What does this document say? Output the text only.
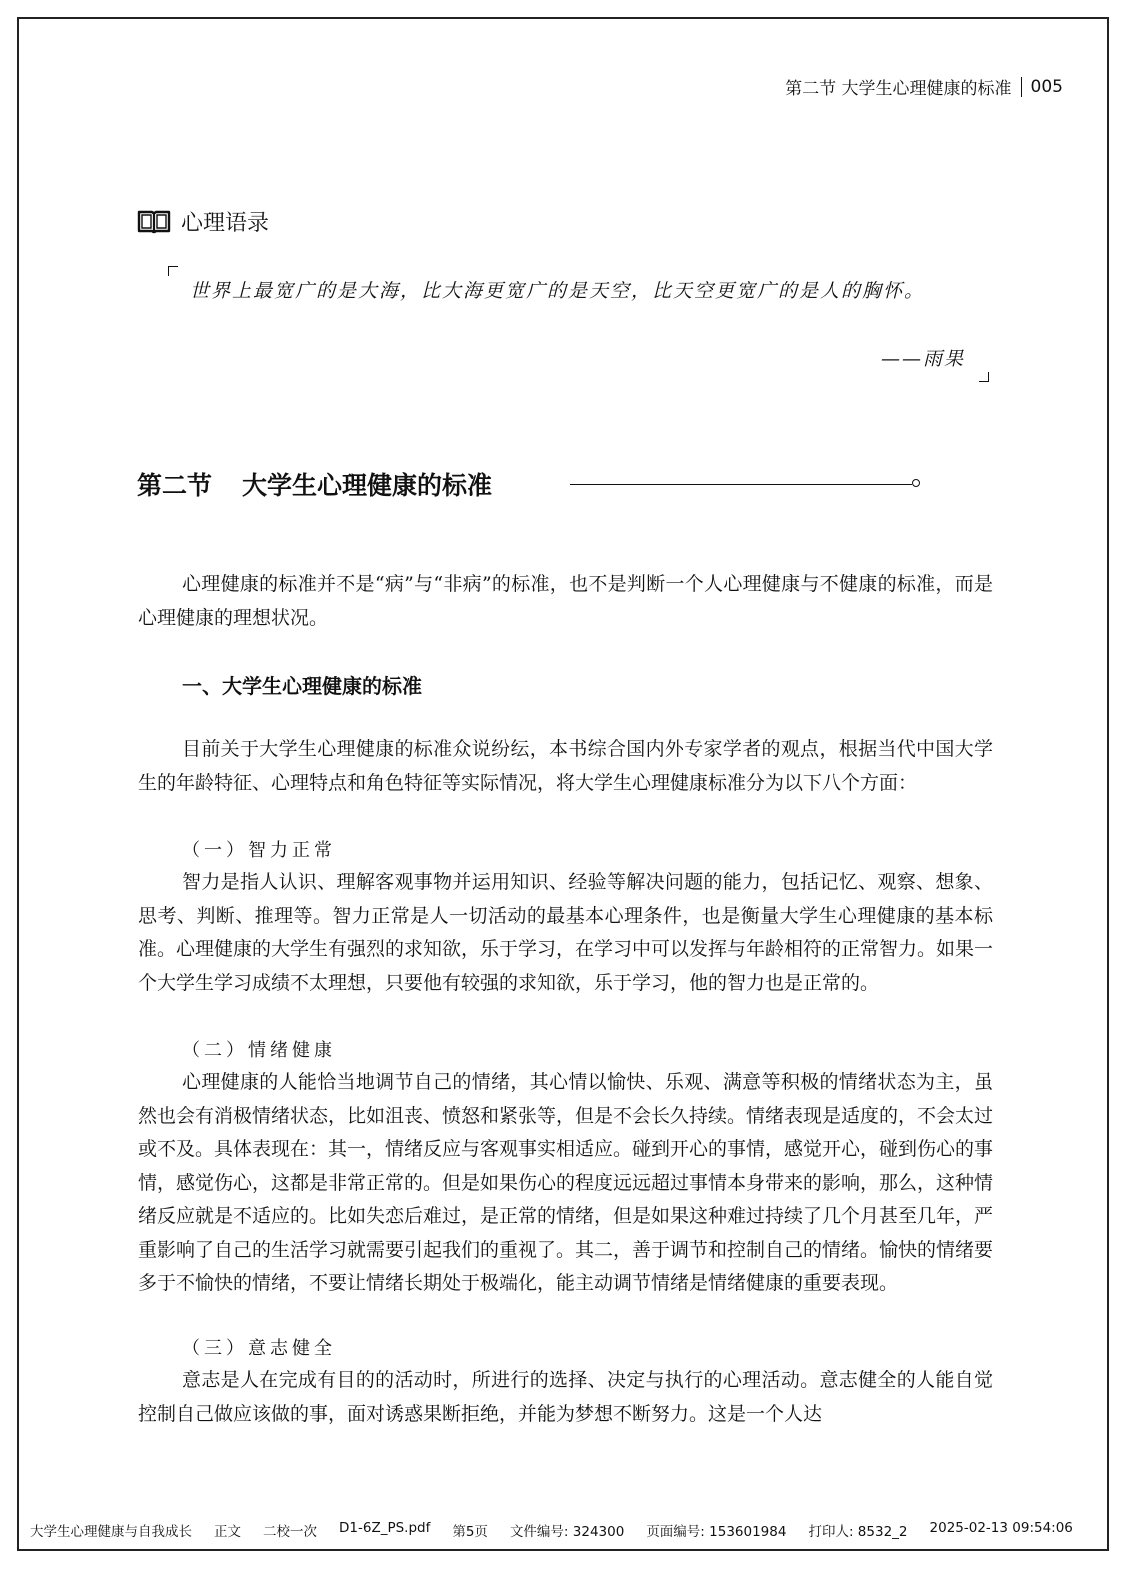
第二节 大学生心理健康的标准 005
心理语录

世界上最宽广的是大海，比大海更宽广的是天空，比天空更宽广的是人的胸怀。

——雨果
第二节 大学生心理健康的标准

心理健康的标准并不是“病”与“非病”的标准，也不是判断一个人心理健康与不健康的标准，而是心理健康的理想状况。

一、大学生心理健康的标准

目前关于大学生心理健康的标准众说纷纭，本书综合国内外专家学者的观点，根据当代中国大学生的年龄特征、心理特点和角色特征等实际情况，将大学生心理健康标准分为以下八个方面：

（一）智力正常

智力是指人认识、理解客观事物并运用知识、经验等解决问题的能力，包括记忆、观察、想象、思考、判断、推理等。智力正常是人一切活动的最基本心理条件，也是衡量大学生心理健康的基本标准。心理健康的大学生有强烈的求知欲，乐于学习，在学习中可以发挥与年龄相符的正常智力。如果一个大学生学习成绩不太理想，只要他有较强的求知欲，乐于学习，他的智力也是正常的。

（二）情绪健康

心理健康的人能恰当地调节自己的情绪，其心情以愉快、乐观、满意等积极的情绪状态为主，虽然也会有消极情绪状态，比如沮丧、愤怒和紧张等，但是不会长久持续。情绪表现是适度的，不会太过或不及。具体表现在：其一，情绪反应与客观事实相适应。碰到开心的事情，感觉开心，碰到伤心的事情，感觉伤心，这都是非常正常的。但是如果伤心的程度远远超过事情本身带来的影响，那么，这种情绪反应就是不适应的。比如失恋后难过，是正常的情绪，但是如果这种难过持续了几个月甚至几年，严重影响了自己的生活学习就需要引起我们的重视了。其二，善于调节和控制自己的情绪。愉快的情绪要多于不愉快的情绪，不要让情绪长期处于极端化，能主动调节情绪是情绪健康的重要表现。

（三）意志健全

意志是人在完成有目的的活动时，所进行的选择、决定与执行的心理活动。意志健全的人能自觉控制自己做应该做的事，面对诱惑果断拒绝，并能为梦想不断努力。这是一个人达

大学生心理健康与自我成长 正文 二校一次 D1-6Z_PS.pdf 第5页 文件编号: 324300 页面编号: 153601984 打印人: 8532_2 2025-02-13 09:54:06
